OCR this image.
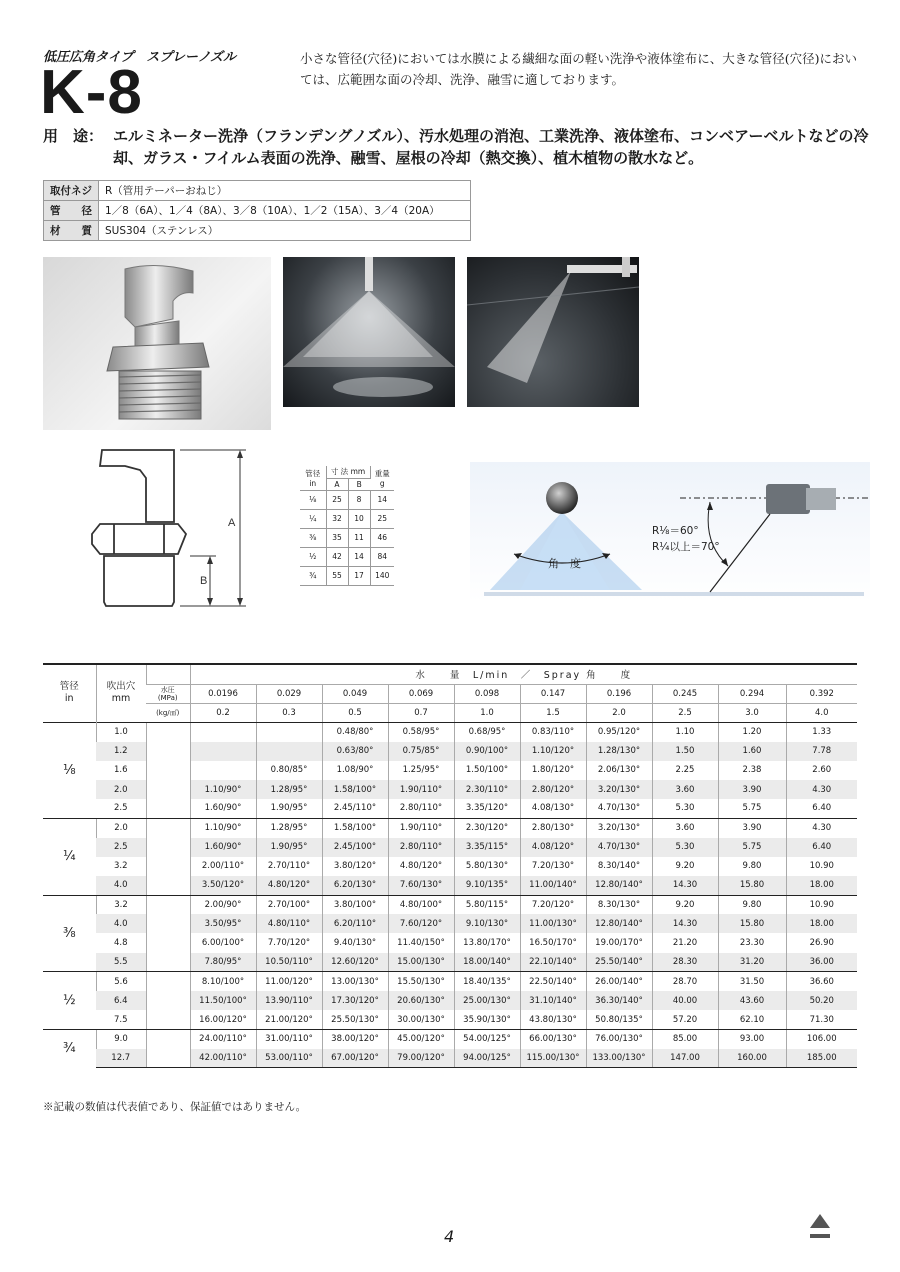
低圧広角タイプ　スプレーノズル
K-8	小さな管径(穴径)においては水膜による繊細な面の軽い洗浄や液体塗布に、大きな管径(穴径)においては、広範囲な面の冷却、洗浄、融雪に適しております。
用　途： エルミネーター洗浄（フランデングノズル）、汚水処理の消泡、工業洗浄、液体塗布、コンベアーベルトなどの冷却、ガラス・フイルム表面の洗浄、融雪、屋根の冷却（熱交換）、植木植物の散水など。
取付ネジ	R（管用テーパーおねじ）
管　　径	1／8（6A）、1／4（8A）、3／8（10A）、1／2（15A）、3／4（20A）
材　　質	SUS304（ステンレス）
A
B
管径
in	寸 法 mm		重量
g
	A	B	
⅛	25	8	14
¼	32	10	25
⅜	35	11	46
½	42	14	84
¾	55	17	140
角　度
R⅛＝60°
R¼以上＝70°
管径
in	吹出穴
mm		水　　量　L/min　／　Spray 角　　度									
		水圧
(MPa)	0.0196	0.029	0.049	0.069	0.098	0.147	0.196	0.245	0.294	0.392
		(kg/㎠)	0.2	0.3	0.5	0.7	1.0	1.5	2.0	2.5	3.0	4.0
⅛	1.0				0.48/80°	0.58/95°	0.68/95°	0.83/110°	0.95/120°	1.10	1.20	1.33
	1.2				0.63/80°	0.75/85°	0.90/100°	1.10/120°	1.28/130°	1.50	1.60	7.78
	1.6			0.80/85°	1.08/90°	1.25/95°	1.50/100°	1.80/120°	2.06/130°	2.25	2.38	2.60
	2.0		1.10/90°	1.28/95°	1.58/100°	1.90/110°	2.30/110°	2.80/120°	3.20/130°	3.60	3.90	4.30
	2.5		1.60/90°	1.90/95°	2.45/110°	2.80/110°	3.35/120°	4.08/130°	4.70/130°	5.30	5.75	6.40
¼	2.0		1.10/90°	1.28/95°	1.58/100°	1.90/110°	2.30/120°	2.80/130°	3.20/130°	3.60	3.90	4.30
	2.5		1.60/90°	1.90/95°	2.45/100°	2.80/110°	3.35/115°	4.08/120°	4.70/130°	5.30	5.75	6.40
	3.2		2.00/110°	2.70/110°	3.80/120°	4.80/120°	5.80/130°	7.20/130°	8.30/140°	9.20	9.80	10.90
	4.0		3.50/120°	4.80/120°	6.20/130°	7.60/130°	9.10/135°	11.00/140°	12.80/140°	14.30	15.80	18.00
⅜	3.2		2.00/90°	2.70/100°	3.80/100°	4.80/100°	5.80/115°	7.20/120°	8.30/130°	9.20	9.80	10.90
	4.0		3.50/95°	4.80/110°	6.20/110°	7.60/120°	9.10/130°	11.00/130°	12.80/140°	14.30	15.80	18.00
	4.8		6.00/100°	7.70/120°	9.40/130°	11.40/150°	13.80/170°	16.50/170°	19.00/170°	21.20	23.30	26.90
	5.5		7.80/95°	10.50/110°	12.60/120°	15.00/130°	18.00/140°	22.10/140°	25.50/140°	28.30	31.20	36.00
½	5.6		8.10/100°	11.00/120°	13.00/130°	15.50/130°	18.40/135°	22.50/140°	26.00/140°	28.70	31.50	36.60
	6.4		11.50/100°	13.90/110°	17.30/120°	20.60/130°	25.00/130°	31.10/140°	36.30/140°	40.00	43.60	50.20
	7.5		16.00/120°	21.00/120°	25.50/130°	30.00/130°	35.90/130°	43.80/130°	50.80/135°	57.20	62.10	71.30
¾	9.0		24.00/110°	31.00/110°	38.00/120°	45.00/120°	54.00/125°	66.00/130°	76.00/130°	85.00	93.00	106.00
	12.7		42.00/110°	53.00/110°	67.00/120°	79.00/120°	94.00/125°	115.00/130°	133.00/130°	147.00	160.00	185.00
※記載の数値は代表値であり、保証値ではありません。
4
